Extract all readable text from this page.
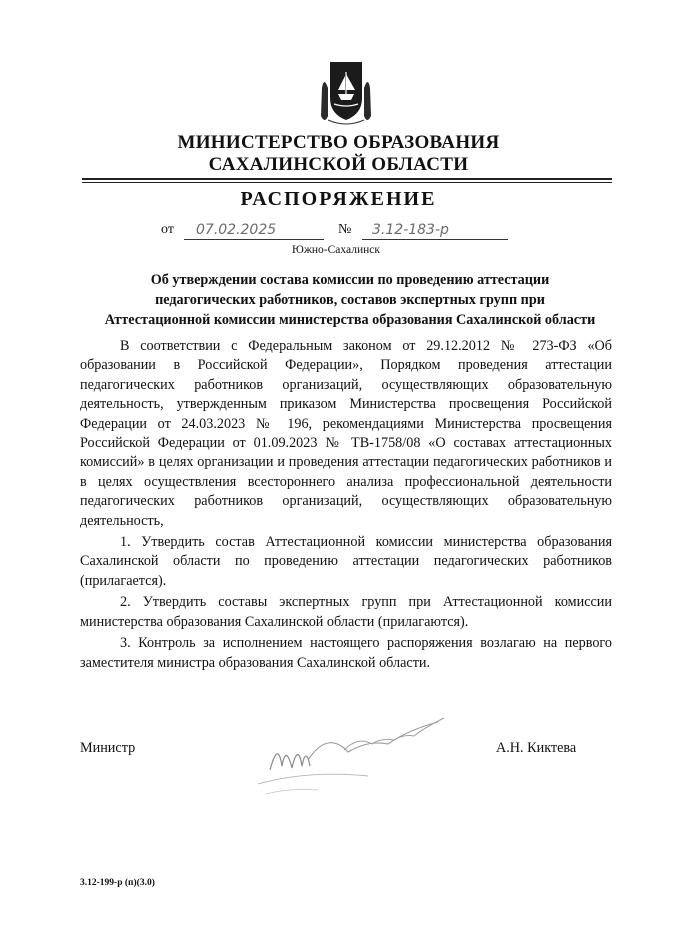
МИНИСТЕРСТВО ОБРАЗОВАНИЯ
САХАЛИНСКОЙ ОБЛАСТИ
РАСПОРЯЖЕНИЕ
от	07.02.2025	№	3.12-183-р
Южно-Сахалинск
Об утверждении состава комиссии по проведению аттестации
педагогических работников, составов экспертных групп при
Аттестационной комиссии министерства образования Сахалинской области

В соответствии с Федеральным законом от 29.12.2012 № 273-ФЗ «Об образовании в Российской Федерации», Порядком проведения аттестации педагогических работников организаций, осуществляющих образовательную деятельность, утвержденным приказом Министерства просвещения Российской Федерации от 24.03.2023 № 196, рекомендациями Министерства просвещения Российской Федерации от 01.09.2023 № ТВ-1758/08 «О составах аттестационных комиссий» в целях организации и проведения аттестации педагогических работников и в целях осуществления всестороннего анализа профессиональной деятельности педагогических работников организаций, осуществляющих образовательную деятельность,

1. Утвердить состав Аттестационной комиссии министерства образования Сахалинской области по проведению аттестации педагогических работников (прилагается).

2. Утвердить составы экспертных групп при Аттестационной комиссии министерства образования Сахалинской области (прилагаются).

3. Контроль за исполнением настоящего распоряжения возлагаю на первого заместителя министра образования Сахалинской области.

Министр	А.Н. Киктева
3.12-199-р (п)(3.0)
